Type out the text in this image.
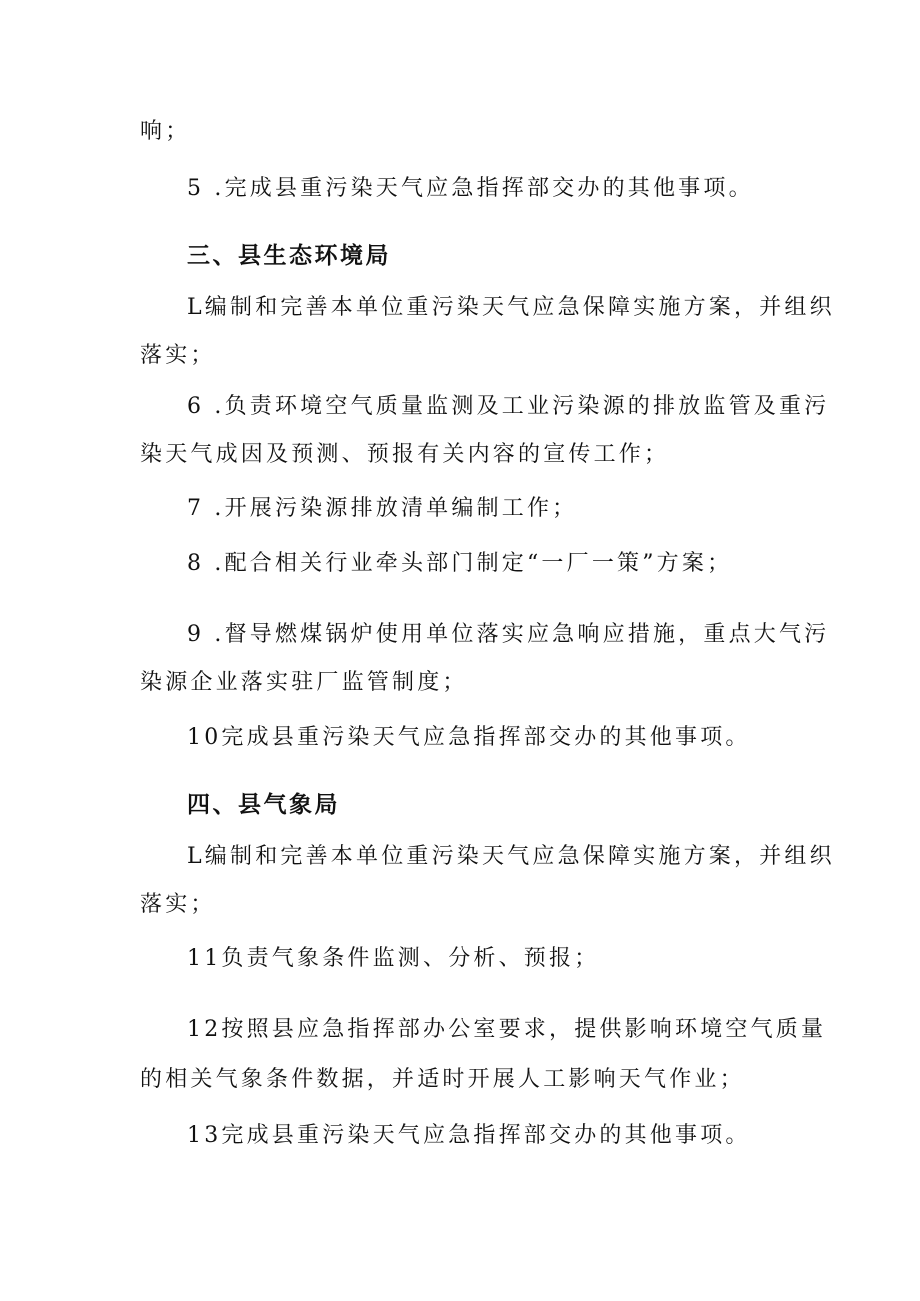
响；
5 .完成县重污染天气应急指挥部交办的其他事项。
三、县生态环境局
L编制和完善本单位重污染天气应急保障实施方案，并组织
落实；
6 .负责环境空气质量监测及工业污染源的排放监管及重污
染天气成因及预测、预报有关内容的宣传工作；
7 .开展污染源排放清单编制工作；
8 .配合相关行业牵头部门制定“一厂一策”方案；
9 .督导燃煤锅炉使用单位落实应急响应措施，重点大气污
染源企业落实驻厂监管制度；
10完成县重污染天气应急指挥部交办的其他事项。
四、县气象局
L编制和完善本单位重污染天气应急保障实施方案，并组织
落实；
11负责气象条件监测、分析、预报；
12按照县应急指挥部办公室要求，提供影响环境空气质量
的相关气象条件数据，并适时开展人工影响天气作业；
13完成县重污染天气应急指挥部交办的其他事项。
